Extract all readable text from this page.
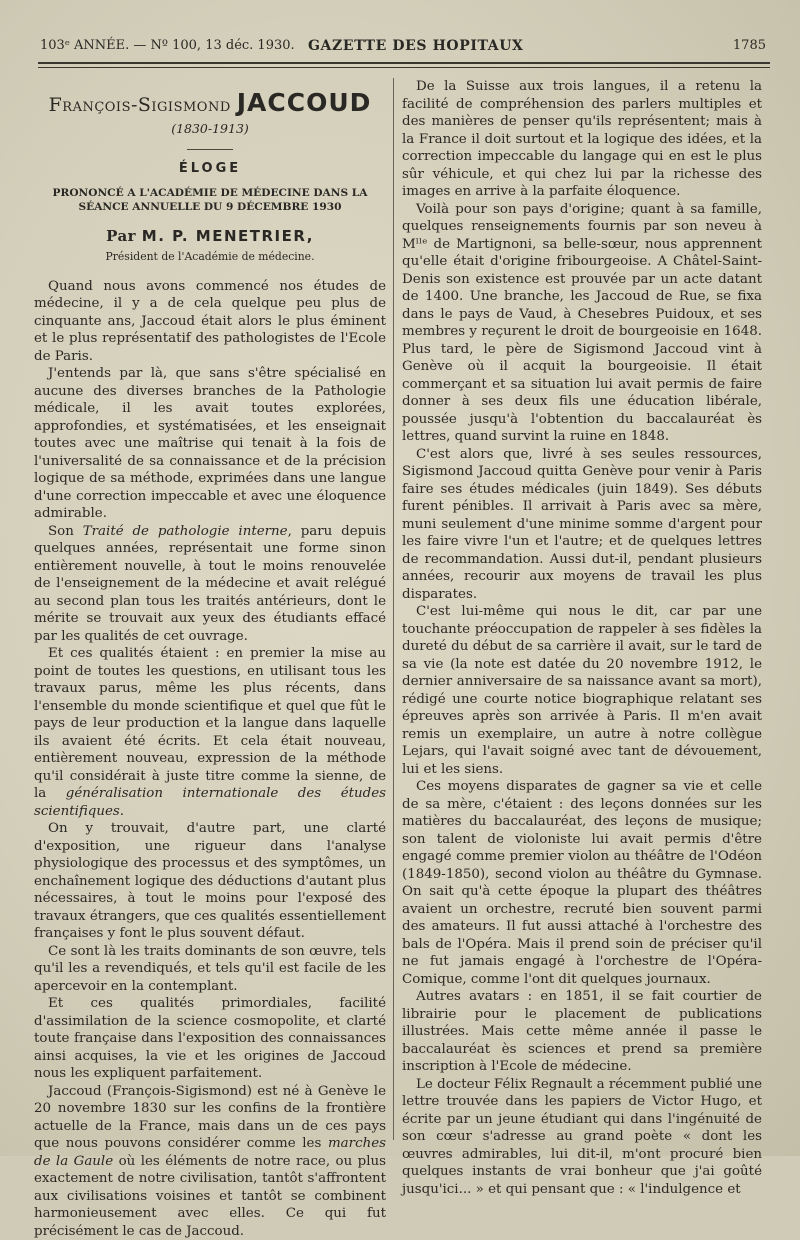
103ᵉ ANNÉE. — Nº 100, 13 déc. 1930. GAZETTE DES HOPITAUX	1785
François-Sigismond JACCOUD
(1830-1913)
ÉLOGE
PRONONCÉ A L'ACADÉMIE DE MÉDECINE DANS LA SÉANCE ANNUELLE DU 9 DÉCEMBRE 1930
Par M. P. MENETRIER,
Président de l'Académie de médecine.

Quand nous avons commencé nos études de médecine, il y a de cela quelque peu plus de cinquante ans, Jaccoud était alors le plus éminent et le plus représentatif des pathologistes de l'Ecole de Paris.

J'entends par là, que sans s'être spécialisé en aucune des diverses branches de la Pathologie médicale, il les avait toutes explorées, approfondies, et systématisées, et les enseignait toutes avec une maîtrise qui tenait à la fois de l'universalité de sa connaissance et de la précision logique de sa méthode, exprimées dans une langue d'une correction impeccable et avec une éloquence admirable.

Son Traité de pathologie interne, paru depuis quelques années, représentait une forme sinon entièrement nouvelle, à tout le moins renouvelée de l'enseignement de la médecine et avait relégué au second plan tous les traités antérieurs, dont le mérite se trouvait aux yeux des étudiants effacé par les qualités de cet ouvrage.

Et ces qualités étaient : en premier la mise au point de toutes les questions, en utilisant tous les travaux parus, même les plus récents, dans l'ensemble du monde scientifique et quel que fût le pays de leur production et la langue dans laquelle ils avaient été écrits. Et cela était nouveau, entièrement nouveau, expression de la méthode qu'il considérait à juste titre comme la sienne, de la généralisation internationale des études scientifiques.

On y trouvait, d'autre part, une clarté d'exposition, une rigueur dans l'analyse physiologique des processus et des symptômes, un enchaînement logique des déductions d'autant plus nécessaires, à tout le moins pour l'exposé des travaux étrangers, que ces qualités essentiellement françaises y font le plus souvent défaut.

Ce sont là les traits dominants de son œuvre, tels qu'il les a revendiqués, et tels qu'il est facile de les apercevoir en la contemplant.

Et ces qualités primordiales, facilité d'assimilation de la science cosmopolite, et clarté toute française dans l'exposition des connaissances ainsi acquises, la vie et les origines de Jaccoud nous les expliquent parfaitement.

Jaccoud (François-Sigismond) est né à Genève le 20 novembre 1830 sur les confins de la frontière actuelle de la France, mais dans un de ces pays que nous pouvons considérer comme les marches de la Gaule où les éléments de notre race, ou plus exactement de notre civilisation, tantôt s'affrontent aux civilisations voisines et tantôt se combinent harmonieusement avec elles. Ce qui fut précisément le cas de Jaccoud.

De la Suisse aux trois langues, il a retenu la facilité de compréhension des parlers multiples et des manières de penser qu'ils représentent; mais à la France il doit surtout et la logique des idées, et la correction impeccable du langage qui en est le plus sûr véhicule, et qui chez lui par la richesse des images en arrive à la parfaite éloquence.

Voilà pour son pays d'origine; quant à sa famille, quelques renseignements fournis par son neveu à Mˡˡᵉ de Martignoni, sa belle-sœur, nous apprennent qu'elle était d'origine fribourgeoise. A Châtel-Saint-Denis son existence est prouvée par un acte datant de 1400. Une branche, les Jaccoud de Rue, se fixa dans le pays de Vaud, à Chesebres Puidoux, et ses membres y reçurent le droit de bourgeoisie en 1648. Plus tard, le père de Sigismond Jaccoud vint à Genève où il acquit la bourgeoisie. Il était commerçant et sa situation lui avait permis de faire donner à ses deux fils une éducation libérale, poussée jusqu'à l'obtention du baccalauréat ès lettres, quand survint la ruine en 1848.

C'est alors que, livré à ses seules ressources, Sigismond Jaccoud quitta Genève pour venir à Paris faire ses études médicales (juin 1849). Ses débuts furent pénibles. Il arrivait à Paris avec sa mère, muni seulement d'une minime somme d'argent pour les faire vivre l'un et l'autre; et de quelques lettres de recommandation. Aussi dut-il, pendant plusieurs années, recourir aux moyens de travail les plus disparates.

C'est lui-même qui nous le dit, car par une touchante préoccupation de rappeler à ses fidèles la dureté du début de sa carrière il avait, sur le tard de sa vie (la note est datée du 20 novembre 1912, le dernier anniversaire de sa naissance avant sa mort), rédigé une courte notice biographique relatant ses épreuves après son arrivée à Paris. Il m'en avait remis un exemplaire, un autre à notre collègue Lejars, qui l'avait soigné avec tant de dévouement, lui et les siens.

Ces moyens disparates de gagner sa vie et celle de sa mère, c'étaient : des leçons données sur les matières du baccalauréat, des leçons de musique; son talent de violoniste lui avait permis d'être engagé comme premier violon au théâtre de l'Odéon (1849-1850), second violon au théâtre du Gymnase. On sait qu'à cette époque la plupart des théâtres avaient un orchestre, recruté bien souvent parmi des amateurs. Il fut aussi attaché à l'orchestre des bals de l'Opéra. Mais il prend soin de préciser qu'il ne fut jamais engagé à l'orchestre de l'Opéra-Comique, comme l'ont dit quelques journaux.

Autres avatars : en 1851, il se fait courtier de librairie pour le placement de publications illustrées. Mais cette même année il passe le baccalauréat ès sciences et prend sa première inscription à l'Ecole de médecine.

Le docteur Félix Regnault a récemment publié une lettre trouvée dans les papiers de Victor Hugo, et écrite par un jeune étudiant qui dans l'ingénuité de son cœur s'adresse au grand poète « dont les œuvres admirables, lui dit-il, m'ont procuré bien quelques instants de vrai bonheur que j'ai goûté jusqu'ici... » et qui pensant que : « l'indulgence et
